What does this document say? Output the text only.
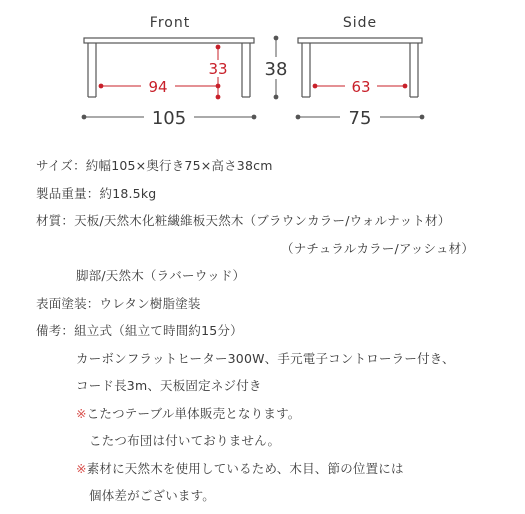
Front
94
33
105
38
Side
63
75
サイズ：約幅105×奥行き75×高さ38cm
製品重量：約18.5kg
材質：天板/天然木化粧繊維板天然木（ブラウンカラー/ウォルナット材）
（ナチュラルカラー/アッシュ材）
脚部/天然木（ラバーウッド）
表面塗装：ウレタン樹脂塗装
備考：組立式（組立て時間約15分）
カーボンフラットヒーター300W、手元電子コントローラー付き、
コード長3m、天板固定ネジ付き
※こたつテーブル単体販売となります。
こたつ布団は付いておりません。
※素材に天然木を使用しているため、木目、節の位置には
個体差がございます。
